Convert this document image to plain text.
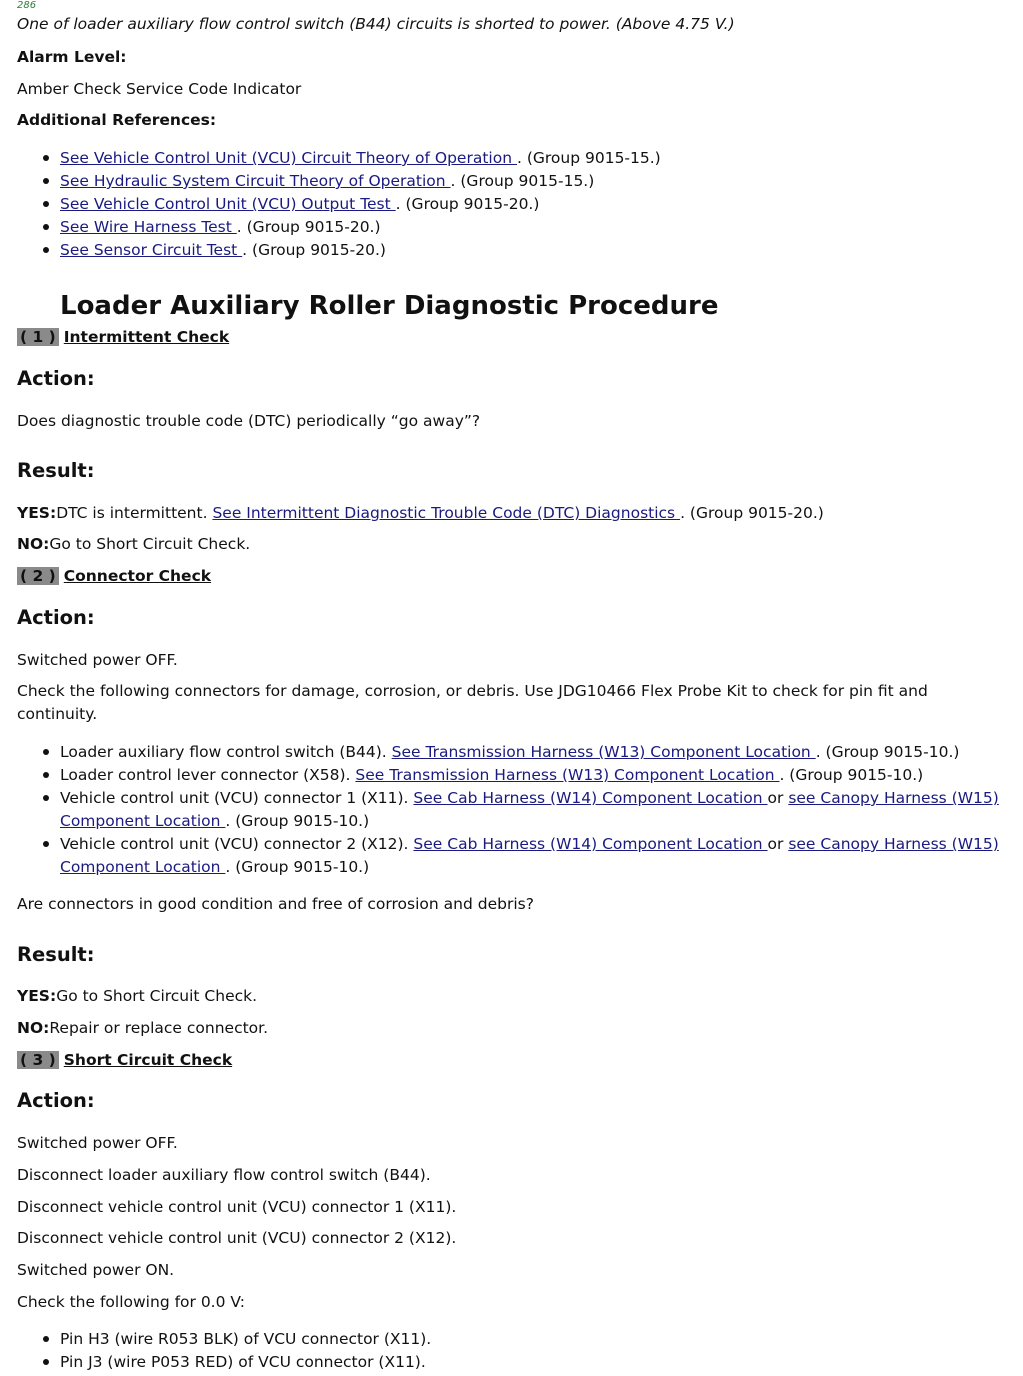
286
One of loader auxiliary flow control switch (B44) circuits is shorted to power. (Above 4.75 V.)
Alarm Level:
Amber Check Service Code Indicator
Additional References:
See Vehicle Control Unit (VCU) Circuit Theory of Operation . (Group 9015-15.)
See Hydraulic System Circuit Theory of Operation . (Group 9015-15.)
See Vehicle Control Unit (VCU) Output Test . (Group 9015-20.)
See Wire Harness Test . (Group 9015-20.)
See Sensor Circuit Test . (Group 9015-20.)
Loader Auxiliary Roller Diagnostic Procedure
( 1 ) Intermittent Check
Action:
Does diagnostic trouble code (DTC) periodically “go away”?
Result:
YES:DTC is intermittent. See Intermittent Diagnostic Trouble Code (DTC) Diagnostics . (Group 9015-20.)
NO:Go to Short Circuit Check.
( 2 ) Connector Check
Action:
Switched power OFF.
Check the following connectors for damage, corrosion, or debris. Use JDG10466 Flex Probe Kit to check for pin fit and
continuity.
Loader auxiliary flow control switch (B44). See Transmission Harness (W13) Component Location . (Group 9015-10.)
Loader control lever connector (X58). See Transmission Harness (W13) Component Location . (Group 9015-10.)
Vehicle control unit (VCU) connector 1 (X11). See Cab Harness (W14) Component Location or see Canopy Harness (W15)
Component Location . (Group 9015-10.)
Vehicle control unit (VCU) connector 2 (X12). See Cab Harness (W14) Component Location or see Canopy Harness (W15)
Component Location . (Group 9015-10.)
Are connectors in good condition and free of corrosion and debris?
Result:
YES:Go to Short Circuit Check.
NO:Repair or replace connector.
( 3 ) Short Circuit Check
Action:
Switched power OFF.
Disconnect loader auxiliary flow control switch (B44).
Disconnect vehicle control unit (VCU) connector 1 (X11).
Disconnect vehicle control unit (VCU) connector 2 (X12).
Switched power ON.
Check the following for 0.0 V:
Pin H3 (wire R053 BLK) of VCU connector (X11).
Pin J3 (wire P053 RED) of VCU connector (X11).
